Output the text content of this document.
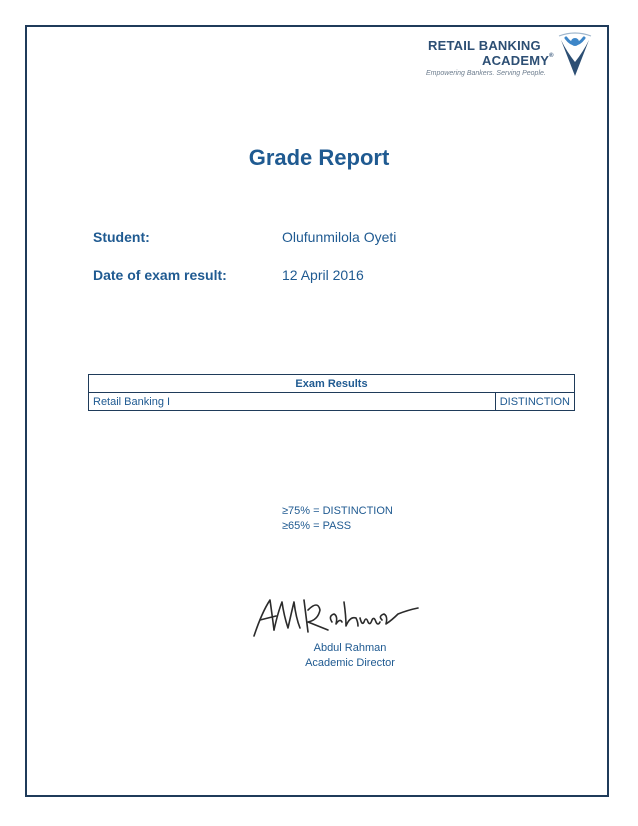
RETAIL BANKING
ACADEMY®
Empowering Bankers. Serving People.
Grade Report
Student:	Olufunmilola Oyeti
Date of exam result:	12 April 2016
Exam Results
Retail Banking I	DISTINCTION
≥75% = DISTINCTION
≥65% = PASS
Abdul Rahman
Academic Director
